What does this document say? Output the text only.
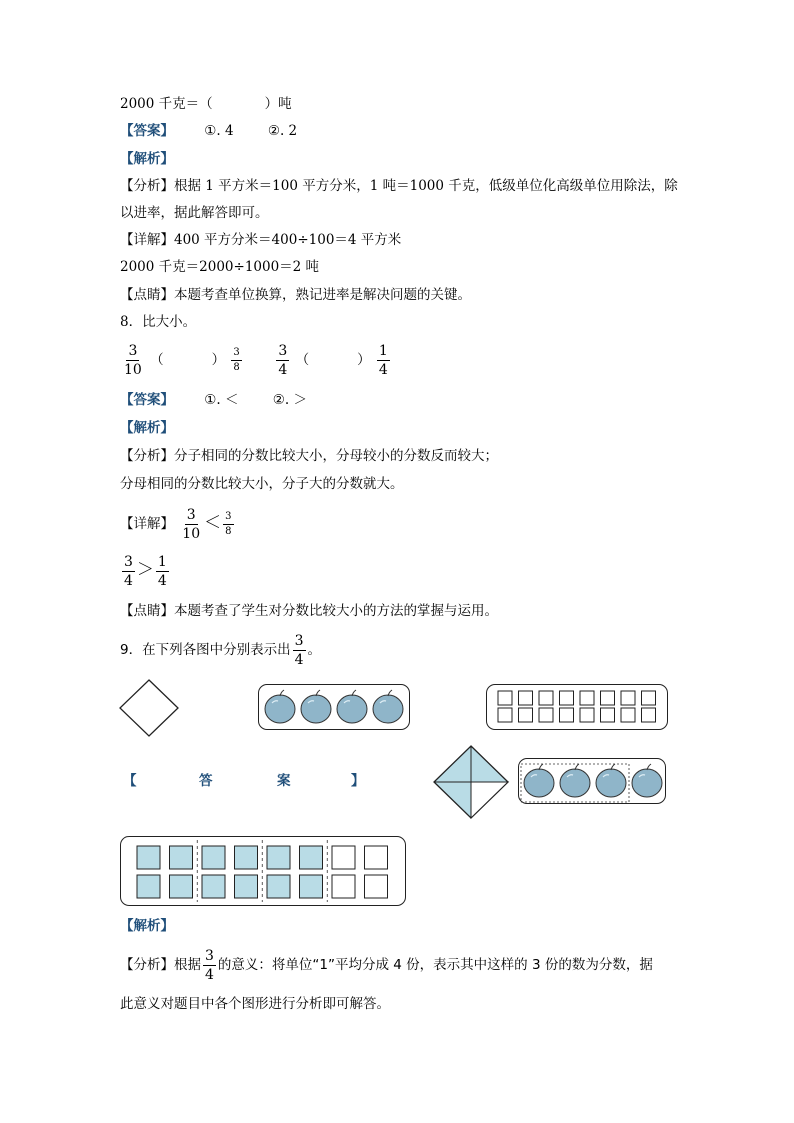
2000 千克＝（	）吨
【答案】 ①. 4	②. 2
【解析】
【分析】根据 1 平方米＝100 平方分米，1 吨＝1000 千克，低级单位化高级单位用除法，除
以进率，据此解答即可。
【详解】400 平方分米＝400÷100＝4 平方米
2000 千克＝2000÷1000＝2 吨
【点睛】本题考查单位换算，熟记进率是解决问题的关键。
8．比大小。
$\frac{3}{10}$ （	） $\frac{3}{8}$
$\frac{3}{4}$ （	） $\frac{1}{4}$
【答案】 ①. ＜	②. ＞
【解析】
【分析】分子相同的分数比较大小，分母较小的分数反而较大；
分母相同的分数比较大小，分子大的分数就大。
【详解】 $\frac{3}{10} < \frac{3}{8}$
$\frac{3}{4} > \frac{1}{4}$
【点睛】本题考查了学生对分数比较大小的方法的掌握与运用。
9．在下列各图中分别表示出 $\frac{3}{4}$ 。
【	答	案	】
【解析】
【分析】根据 $\frac{3}{4}$ 的意义：将单位“1”平均分成 4 份，表示其中这样的 3 份的数为分数，据
此意义对题目中各个图形进行分析即可解答。
